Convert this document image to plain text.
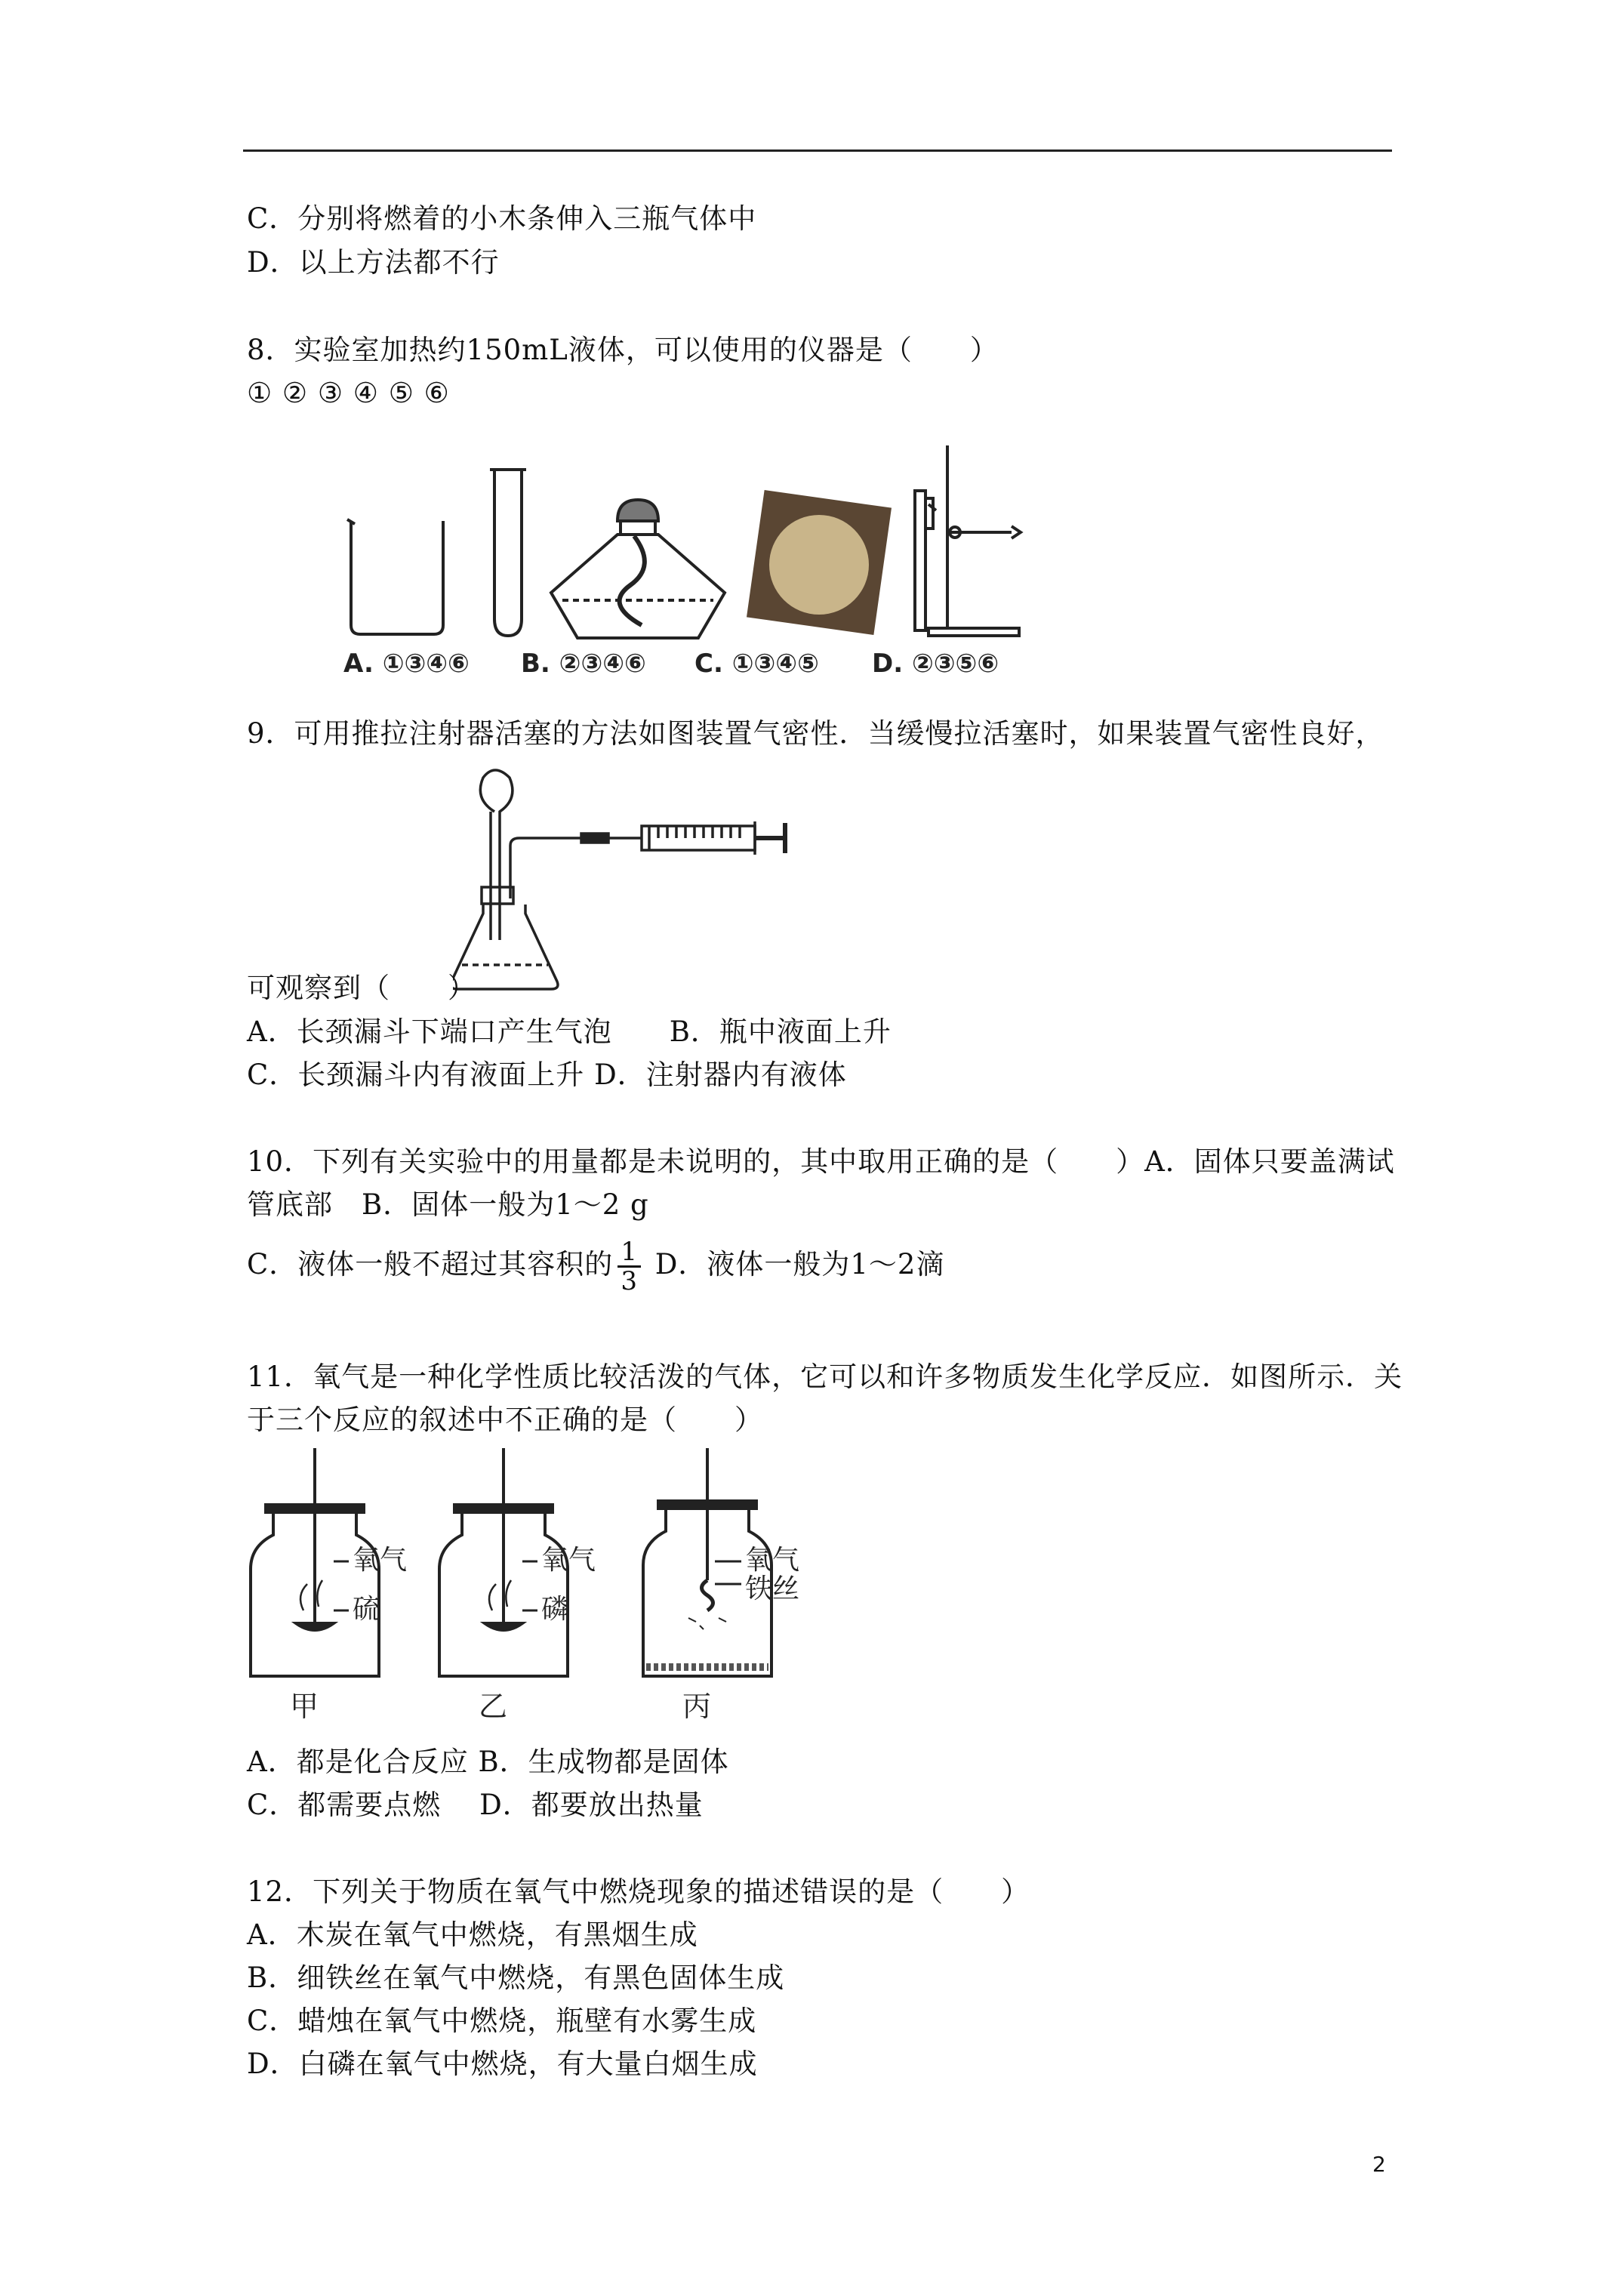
C．分别将燃着的小木条伸入三瓶气体中
D．以上方法都不行
8．实验室加热约150mL液体，可以使用的仪器是（　　）
① ② ③ ④ ⑤ ⑥
A. ①③④⑥ B. ②③④⑥ C. ①③④⑤ D. ②③⑤⑥
9．可用推拉注射器活塞的方法如图装置气密性．当缓慢拉活塞时，如果装置气密性良好，
可观察到（　　）
A．长颈漏斗下端口产生气泡　　B．瓶中液面上升
C．长颈漏斗内有液面上升 D．注射器内有液体
10．下列有关实验中的用量都是未说明的，其中取用正确的是（　　）A．固体只要盖满试
管底部　B．固体一般为1～2 g
C．液体一般不超过其容积的 $\frac{1}{3}$ D．液体一般为1～2滴
11．氧气是一种化学性质比较活泼的气体，它可以和许多物质发生化学反应．如图所示．关
于三个反应的叙述中不正确的是（　　）
氧气
硫
甲
氧气
磷
乙
氧气
铁丝
丙
A．都是化合反应 B．生成物都是固体
C．都需要点燃　 D．都要放出热量
12．下列关于物质在氧气中燃烧现象的描述错误的是（　　）
A．木炭在氧气中燃烧，有黑烟生成
B．细铁丝在氧气中燃烧，有黑色固体生成
C．蜡烛在氧气中燃烧，瓶壁有水雾生成
D．白磷在氧气中燃烧，有大量白烟生成
2
